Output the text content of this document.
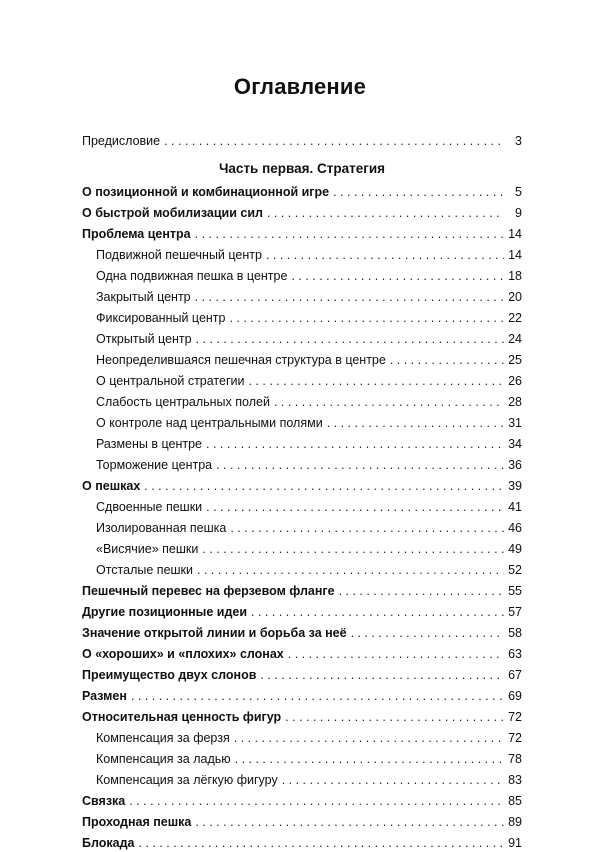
Оглавление
Предисловие . . .	3
Часть первая. Стратегия
О позиционной и комбинационной игре . . .	5
О быстрой мобилизации сил . . .	9
Проблема центра . . .	14
Подвижной пешечный центр . . .	14
Одна подвижная пешка в центре . . .	18
Закрытый центр . . .	20
Фиксированный центр . . .	22
Открытый центр . . .	24
Неопределившаяся пешечная структура в центре . . .	25
О центральной стратегии . . .	26
Слабость центральных полей . . .	28
О контроле над центральными полями . . .	31
Размены в центре . . .	34
Торможение центра . . .	36
О пешках . . .	39
Сдвоенные пешки . . .	41
Изолированная пешка . . .	46
«Висячие» пешки . . .	49
Отсталые пешки . . .	52
Пешечный перевес на ферзевом фланге . . .	55
Другие позиционные идеи . . .	57
Значение открытой линии и борьба за неё . . .	58
О «хороших» и «плохих» слонах . . .	63
Преимущество двух слонов . . .	67
Размен . . .	69
Относительная ценность фигур . . .	72
Компенсация за ферзя . . .	72
Компенсация за ладью . . .	78
Компенсация за лёгкую фигуру . . .	83
Связка . . .	85
Проходная пешка . . .	89
Блокада . . .	91
